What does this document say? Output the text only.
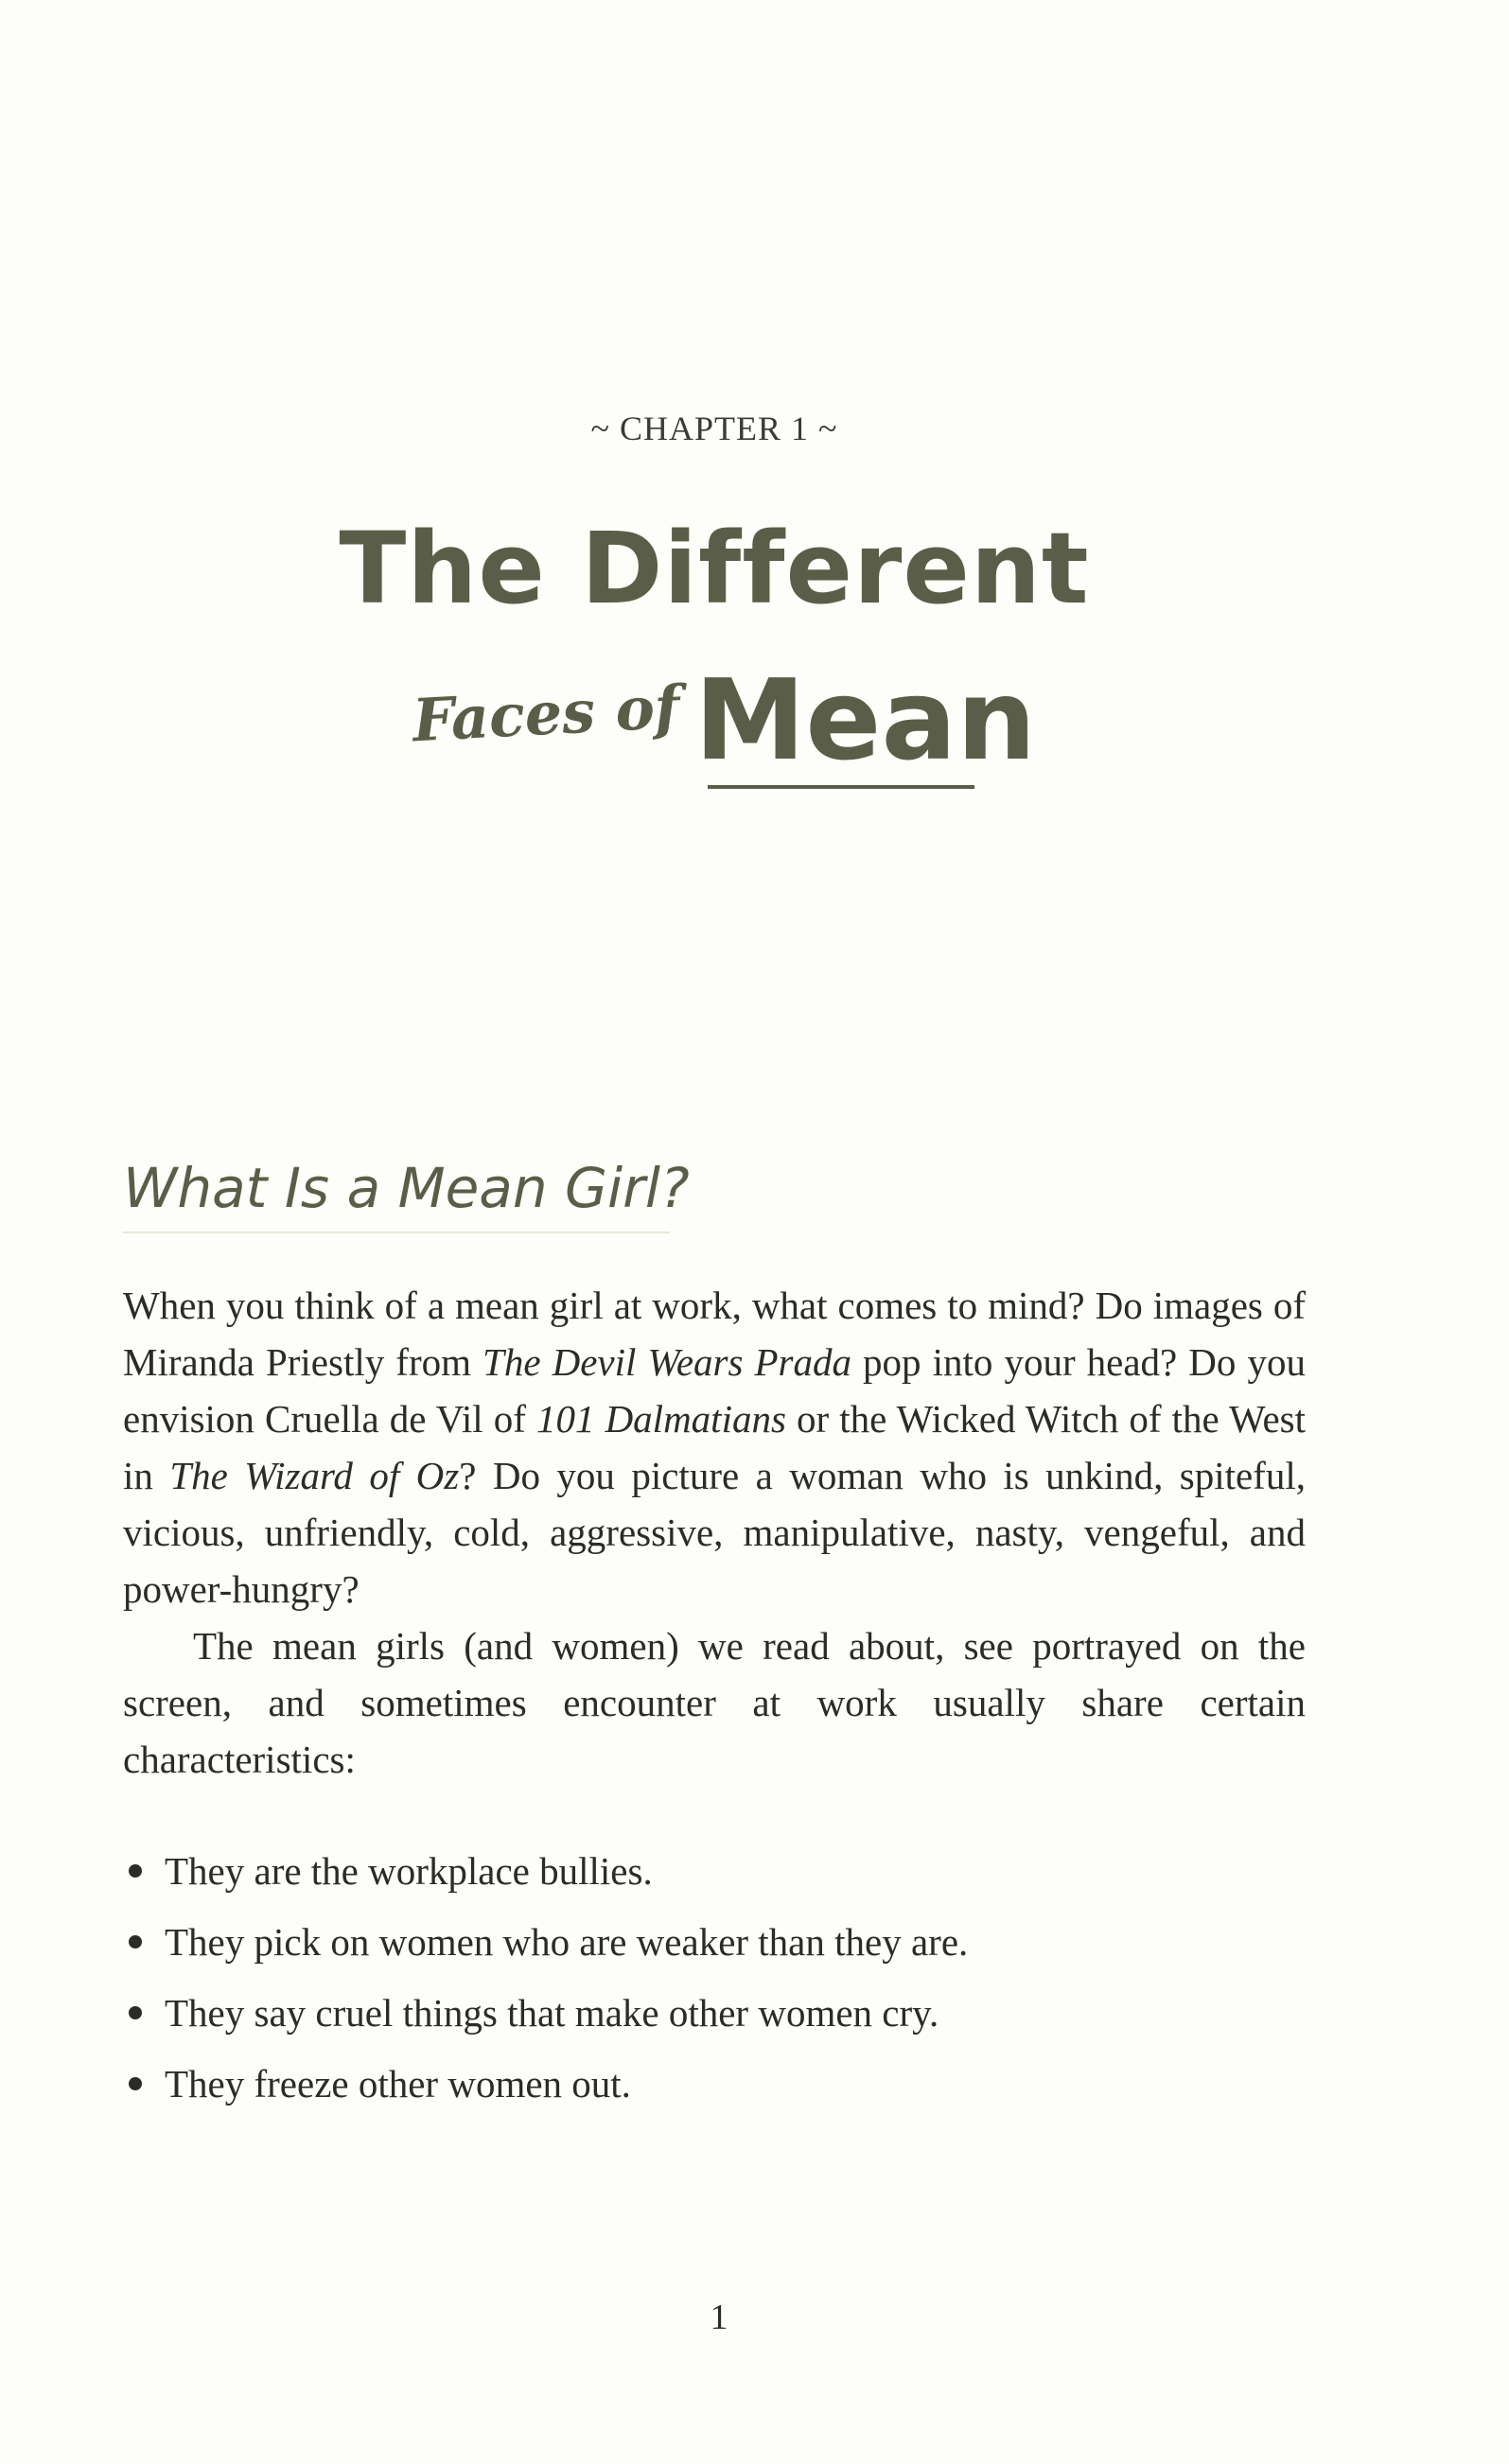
~ CHAPTER 1 ~
The Different
Faces of Mean
What Is a Mean Girl?

When you think of a mean girl at work, what comes to mind? Do images of Miranda Priestly from The Devil Wears Prada pop into your head? Do you envision Cruella de Vil of 101 Dalmatians or the Wicked Witch of the West in The Wizard of Oz? Do you picture a woman who is unkind, spiteful, vicious, unfriendly, cold, aggressive, manipulative, nasty, vengeful, and power-hungry?

The mean girls (and women) we read about, see portrayed on the screen, and sometimes encounter at work usually share certain characteristics:

They are the workplace bullies.
They pick on women who are weaker than they are.
They say cruel things that make other women cry.
They freeze other women out.
1
